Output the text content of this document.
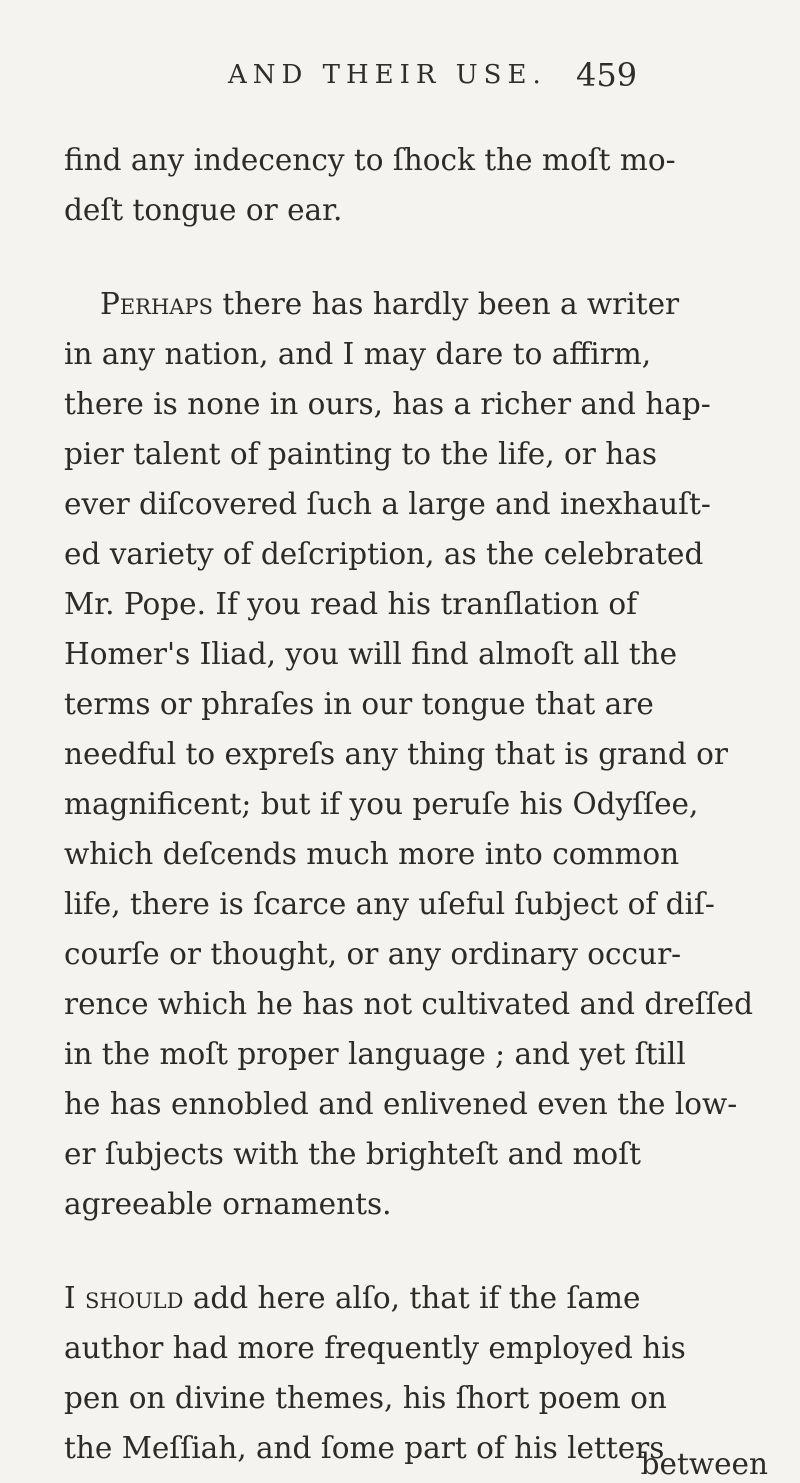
AND THEIR USE. 459
find any indecency to ſhock the moſt mo-
deſt tongue or ear.
Perhaps there has hardly been a writer
in any nation, and I may dare to affirm,
there is none in ours, has a richer and hap-
pier talent of painting to the life, or has
ever diſcovered ſuch a large and inexhauſt-
ed variety of deſcription, as the celebrated
Mr. Pope. If you read his tranſlation of
Homer's Iliad, you will find almoſt all the
terms or phraſes in our tongue that are
needful to expreſs any thing that is grand or
magnificent; but if you peruſe his Odyſſee,
which deſcends much more into common
life, there is ſcarce any uſeful ſubject of diſ-
courſe or thought, or any ordinary occur-
rence which he has not cultivated and dreſſed
in the moſt proper language ; and yet ſtill
he has ennobled and enlivened even the low-
er ſubjects with the brighteſt and moſt
agreeable ornaments.
I should add here alſo, that if the ſame
author had more frequently employed his
pen on divine themes, his ſhort poem on
the Meſſiah, and ſome part of his letters
between
